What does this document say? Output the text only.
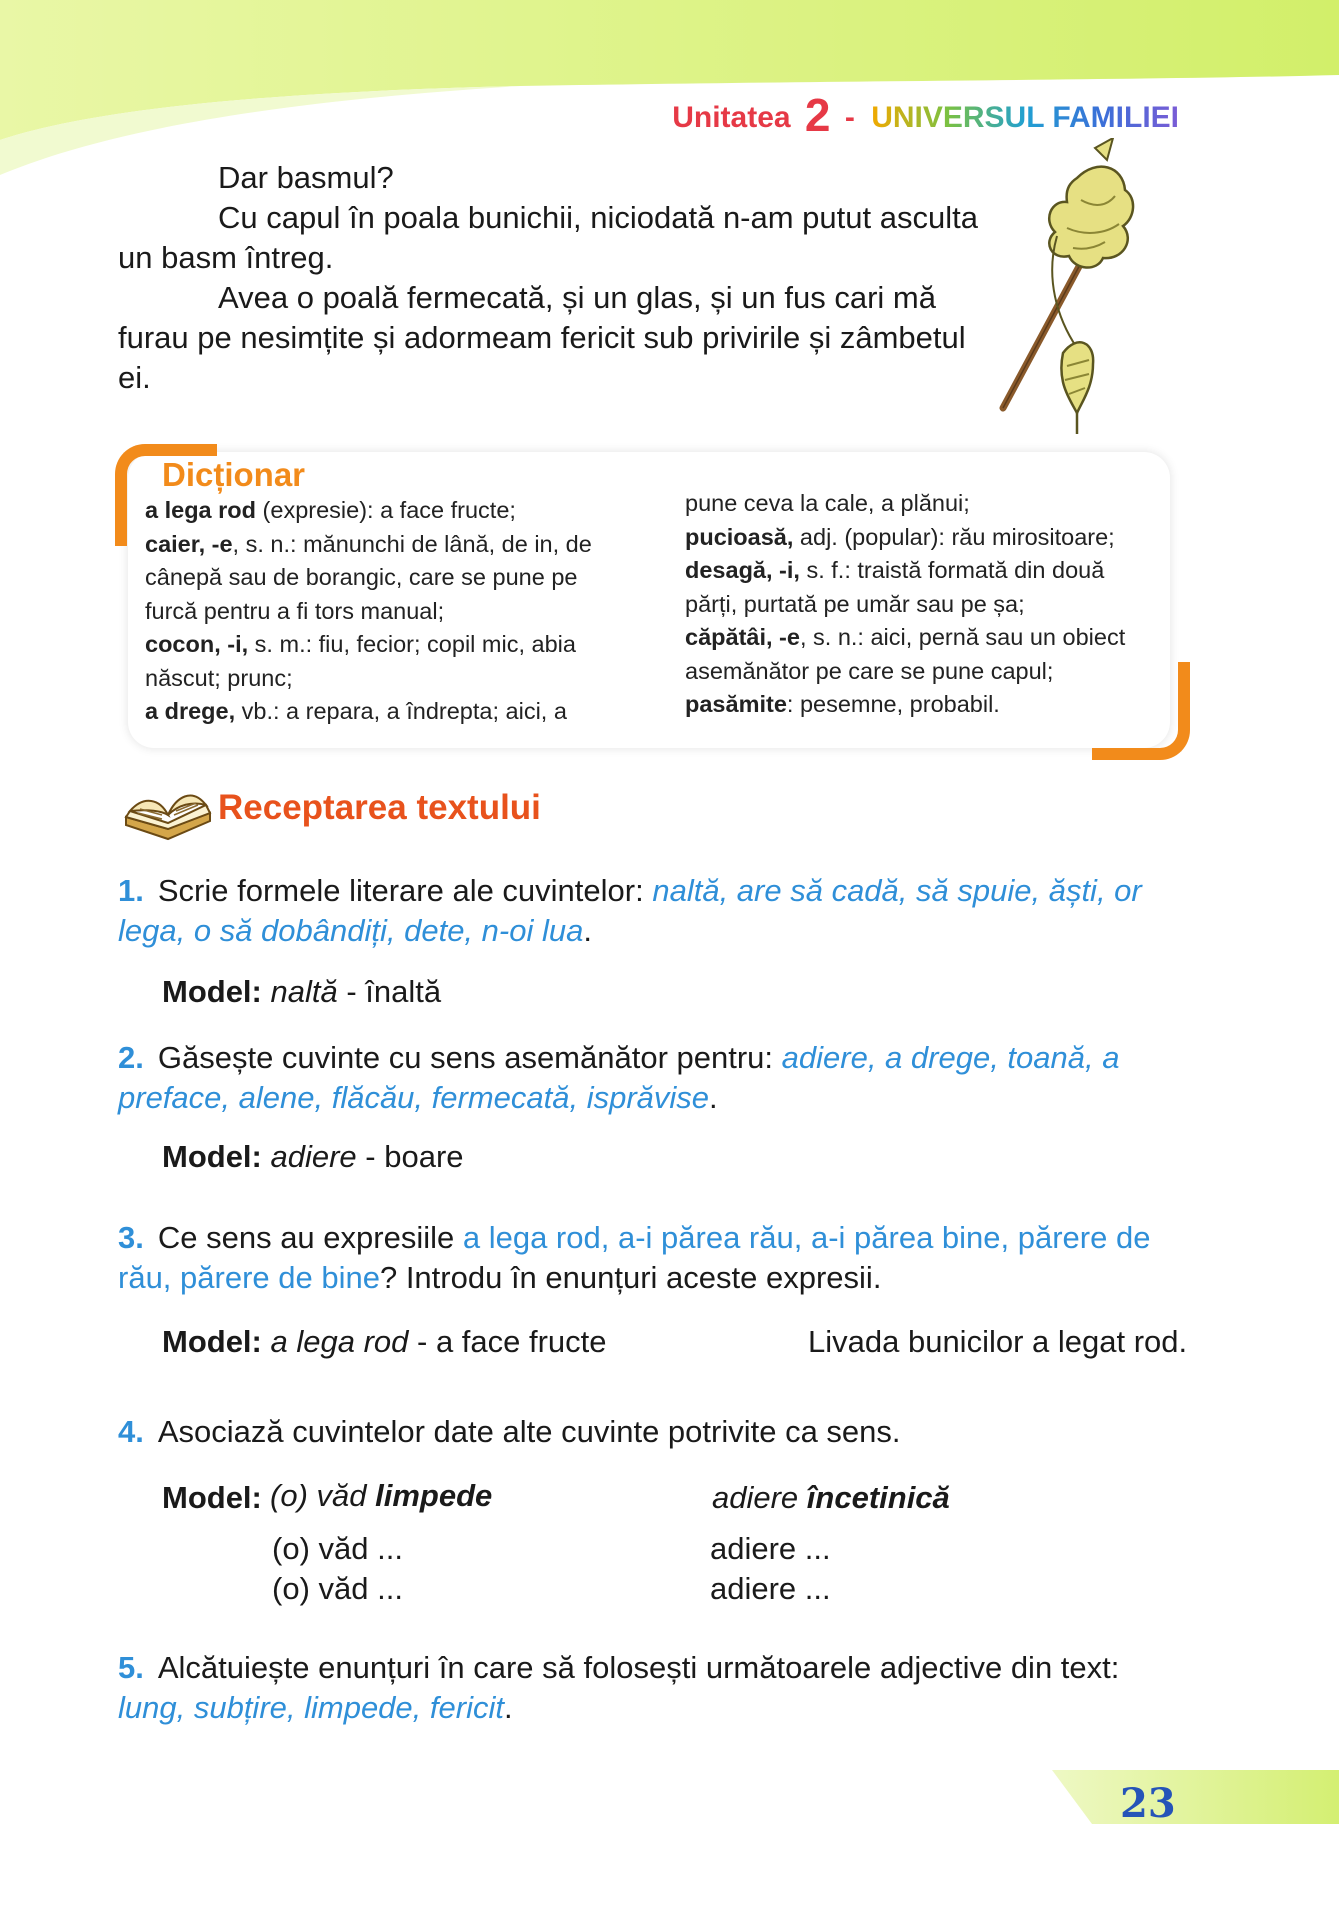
Unitatea 2 - UNIVERSUL FAMILIEI

Dar basmul?

Cu capul în poala bunichii, niciodată n-am putut asculta un basm întreg.

Avea o poală fermecată, și un glas, și un fus cari mă furau pe nesimțite și adormeam fericit sub privirile și zâmbetul ei.

Dicționar

a lega rod (expresie): a face fructe;

caier, -e, s. n.: mănunchi de lână, de in, de cânepă sau de borangic, care se pune pe furcă pentru a fi tors manual;

cocon, -i, s. m.: fiu, fecior; copil mic, abia născut; prunc;

a drege, vb.: a repara, a îndrepta; aici, a

pune ceva la cale, a plănui;

pucioasă, adj. (popular): rău mirositoare;

desagă, -i, s. f.: traistă formată din două părți, purtată pe umăr sau pe șa;

căpătâi, -e, s. n.: aici, pernă sau un obiect asemănător pe care se pune capul;

pasămite: pesemne, probabil.

Receptarea textului

1. Scrie formele literare ale cuvintelor: naltă, are să cadă, să spuie, ăști, or lega, o să dobândiți, dete, n-oi lua.

Model: naltă - înaltă

2. Găsește cuvinte cu sens asemănător pentru: adiere, a drege, toană, a preface, alene, flăcău, fermecată, isprăvise.

Model: adiere - boare

3. Ce sens au expresiile a lega rod, a-i părea rău, a-i părea bine, părere de rău, părere de bine? Introdu în enunțuri aceste expresii.

Model: a lega rod - a face fructe	Livada bunicilor a legat rod.

4. Asociază cuvintelor date alte cuvinte potrivite ca sens.

Model: (o) văd limpede	adiere încetinică
(o) văd ...	adiere ...
(o) văd ...	adiere ...

5. Alcătuiește enunțuri în care să folosești următoarele adjective din text: lung, subțire, limpede, fericit.

23
